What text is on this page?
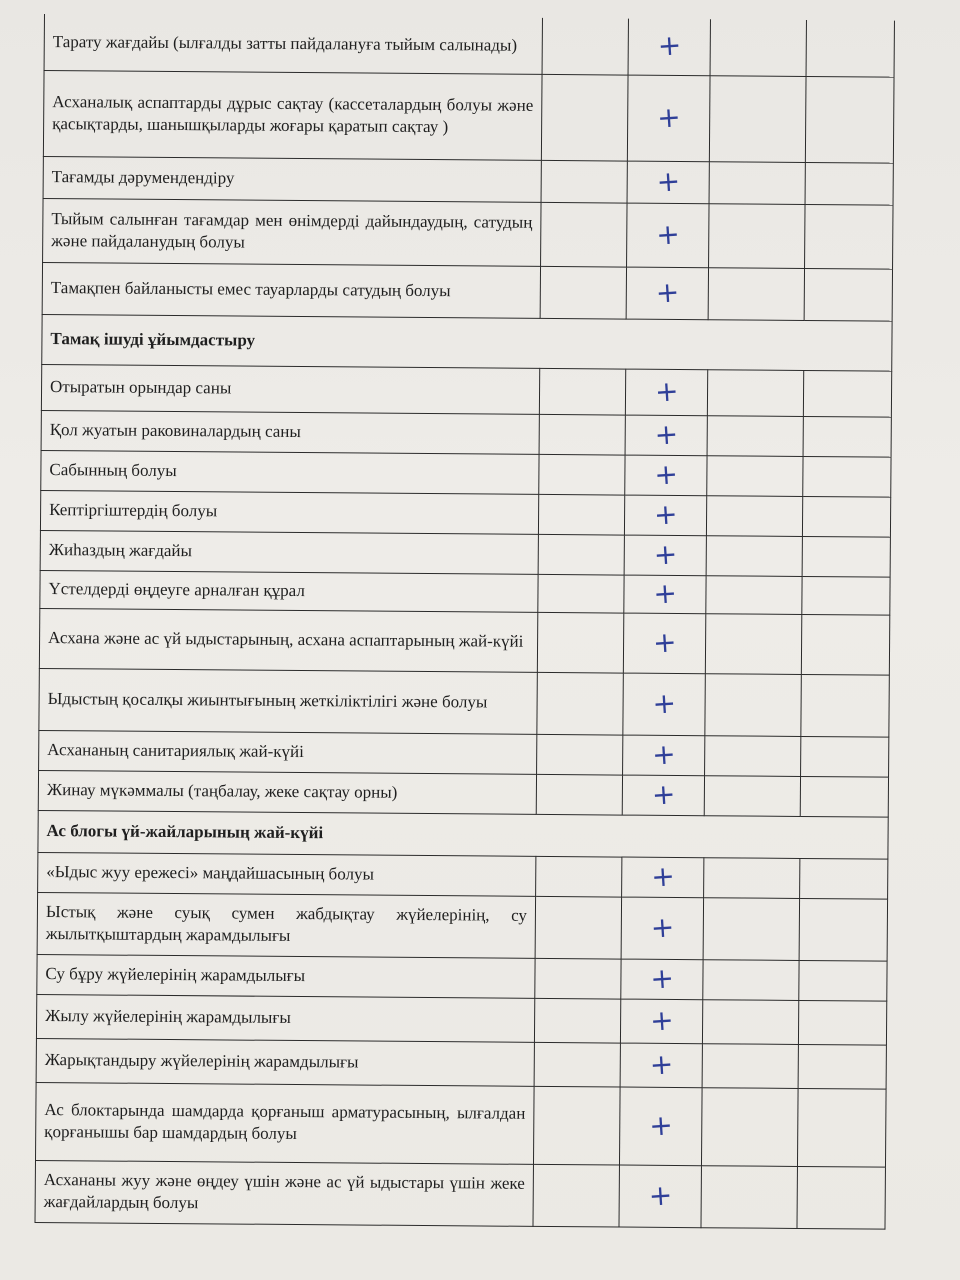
Тарату жағдайы (ылғалды затты пайдалануға тыйым салынады)		+		
Асханалық аспаптарды дұрыс сақтау (кассеталардың болуы және қасықтарды, шанышқыларды жоғары қаратып сақтау )		+		
Тағамды дәрумендендіру		+		
Тыйым салынған тағамдар мен өнімдерді дайындаудың, сатудың және пайдаланудың болуы		+		
Тамақпен байланысты емес тауарларды сатудың болуы		+		
Тамақ ішуді ұйымдастыру				
Отыратын орындар саны		+		
Қол жуатын раковиналардың саны		+		
Сабынның болуы		+		
Кептіргіштердің болуы		+		
Жиһаздың жағдайы		+		
Үстелдерді өңдеуге арналған құрал		+		
Асхана және ас үй ыдыстарының, асхана аспаптарының жай-күйі		+		
Ыдыстың қосалқы жиынтығының жеткіліктілігі және болуы		+		
Асхананың санитариялық жай-күйі		+		
Жинау мүкәммалы (таңбалау, жеке сақтау орны)		+		
Ас блогы үй-жайларының жай-күйі				
«Ыдыс жуу ережесі» маңдайшасының болуы		+		
Ыстық және суық сумен жабдықтау жүйелерінің, су жылытқыштардың жарамдылығы		+		
Су бұру жүйелерінің жарамдылығы		+		
Жылу жүйелерінің жарамдылығы		+		
Жарықтандыру жүйелерінің жарамдылығы		+		
Ас блоктарында шамдарда қорғаныш арматурасының, ылғалдан қорғанышы бар шамдардың болуы		+		
Асхананы жуу және өңдеу үшін және ас үй ыдыстары үшін жеке жағдайлардың болуы		+		
